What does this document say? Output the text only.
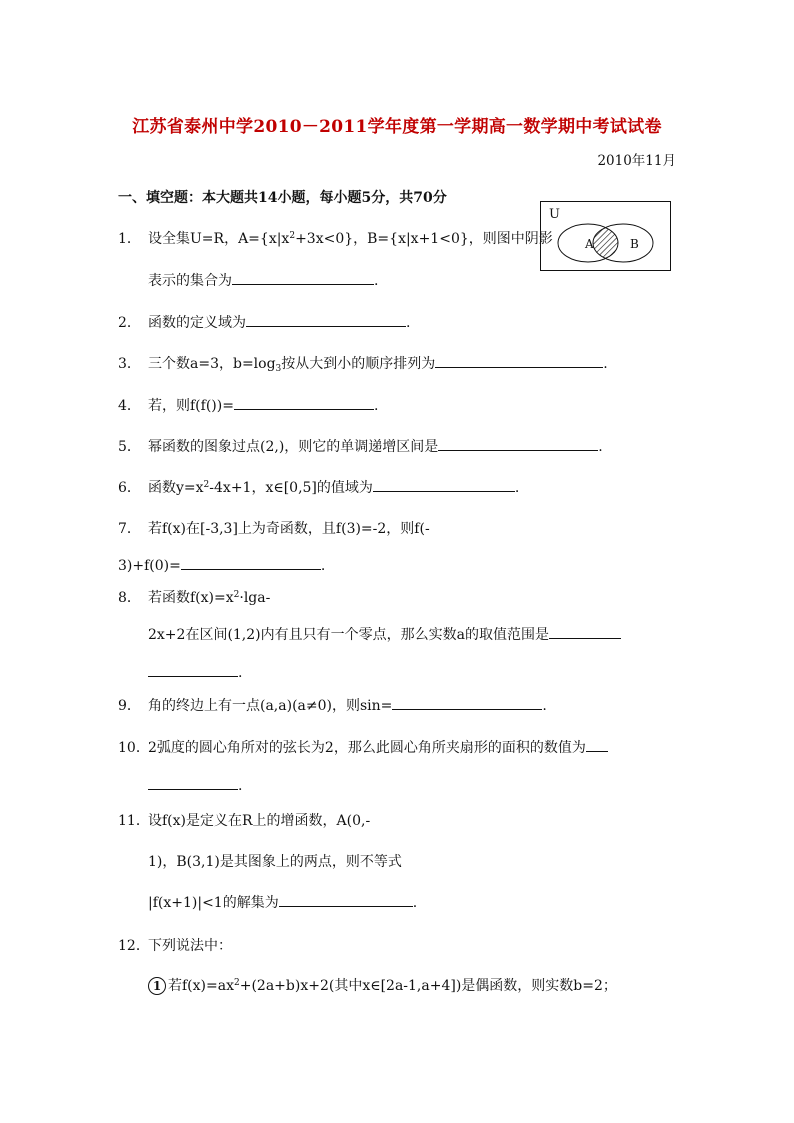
江苏省泰州中学2010－2011学年度第一学期高一数学期中考试试卷
2010年11月
一、填空题：本大题共14小题，每小题5分，共70分
U
A	B
1． 设全集U=R，$A=\{x|x^2+3x<0\}$，B={x|x+1<0}，则图中阴影
表示的集合为	.
2． 函数的定义域为	.
3． 三个数a=3，$b=\log_3$按从大到小的顺序排列为	.
4． 若，则f(f())=	.
5． 幂函数的图象过点(2,)，则它的单调递增区间是	.
6． 函数$y=x^2-4x+1$，x∈[0,5]的值域为	.
7． 若f(x)在[-3,3]上为奇函数，且f(3)=-2，则f(-
3)+f(0)=	.
8． 若函数$f(x)=x^2\cdot\lg a-$
2x+2在区间(1,2)内有且只有一个零点，那么实数a的取值范围是
.
9． 角的终边上有一点(a,a)(a≠0)，则sin=	.
10．2弧度的圆心角所对的弦长为2，那么此圆心角所夹扇形的面积的数值为
.
11．设f(x)是定义在R上的增函数，A(0,-
1)，B(3,1)是其图象上的两点，则不等式
|f(x+1)|<1的解集为	.
12．下列说法中：
1 若$f(x)=ax^2+(2a+b)x+2$(其中x∈[2a-1,a+4])是偶函数，则实数b=2；
